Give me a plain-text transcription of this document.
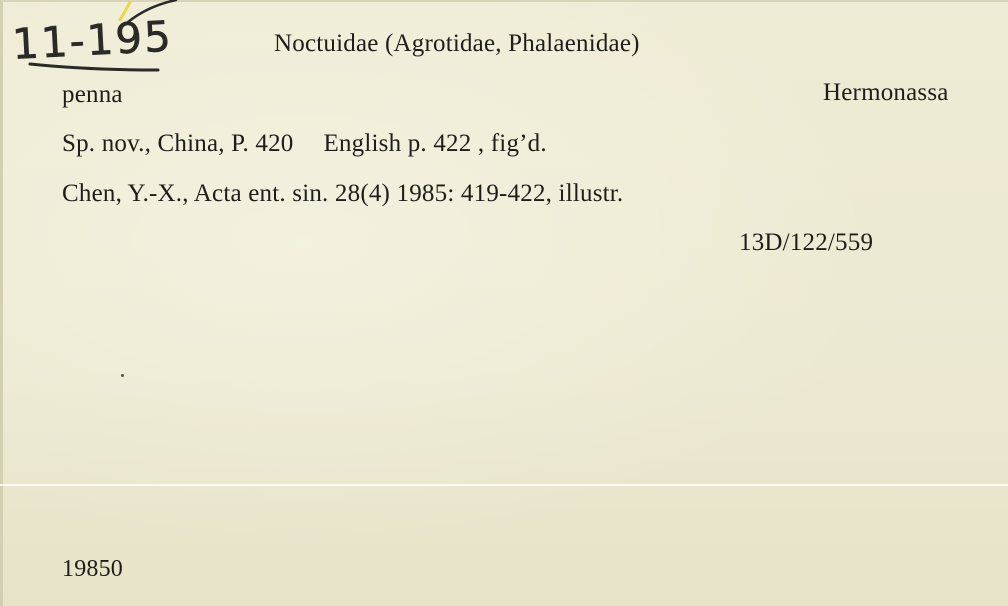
11-195	Noctuidae (Agrotidae, Phalaenidae)
penna	Hermonassa
Sp. nov., China, P. 420 English p. 422 , fig’d.
Chen, Y.-X., Acta ent. sin. 28(4) 1985: 419-422, illustr.
13D/122/559
19850
